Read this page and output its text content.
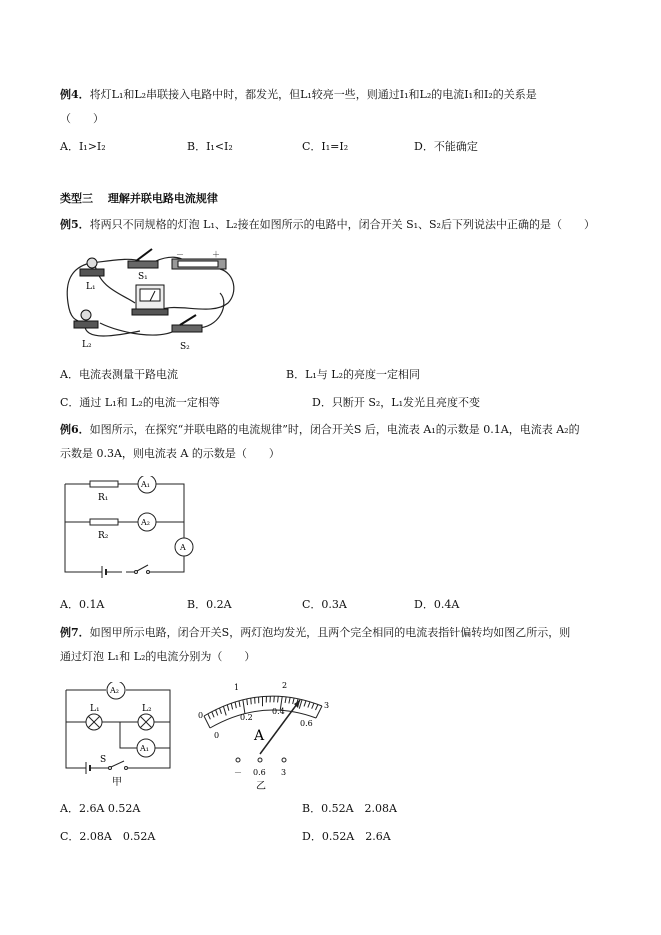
例4．将灯L₁和L₂串联接入电路中时，都发光，但L₁较亮一些，则通过I₁和L₂的电流I₁和I₂的关系是
（　　）
A．I₁>I₂	B．I₁<I₂	C．I₁=I₂	D．不能确定
类型三　 理解并联电路电流规律
例5．将两只不同规格的灯泡 L₁、L₂接在如图所示的电路中，闭合开关 S₁、S₂后下列说法中正确的是（　　）
L₁
S₁
－	＋
L₂	S₂
A．电流表测量干路电流	B．L₁与 L₂的亮度一定相同
C．通过 L₁和 L₂的电流一定相等	D．只断开 S₂，L₁发光且亮度不变
例6．如图所示，在探究“并联电路的电流规律”时，闭合开关S 后，电流表 A₁的示数是 0.1A，电流表 A₂的
示数是 0.3A，则电流表 A 的示数是（　　）
R₁
R₂
A₁
A₂
A
A．0.1A	B．0.2A	C．0.3A	D．0.4A
例7．如图甲所示电路，闭合开关S，两灯泡均发光，且两个完全相同的电流表指针偏转均如图乙所示，则
通过灯泡 L₁和 L₂的电流分别为（　　）
A₂
L₁	L₂
A₁
S
甲
0
1	2
3
0
0.2
0.4
0.6
A
－ 0.6 3
乙
A．2.6A 0.52A	B．0.52A　2.08A
C．2.08A　0.52A	D．0.52A　2.6A
